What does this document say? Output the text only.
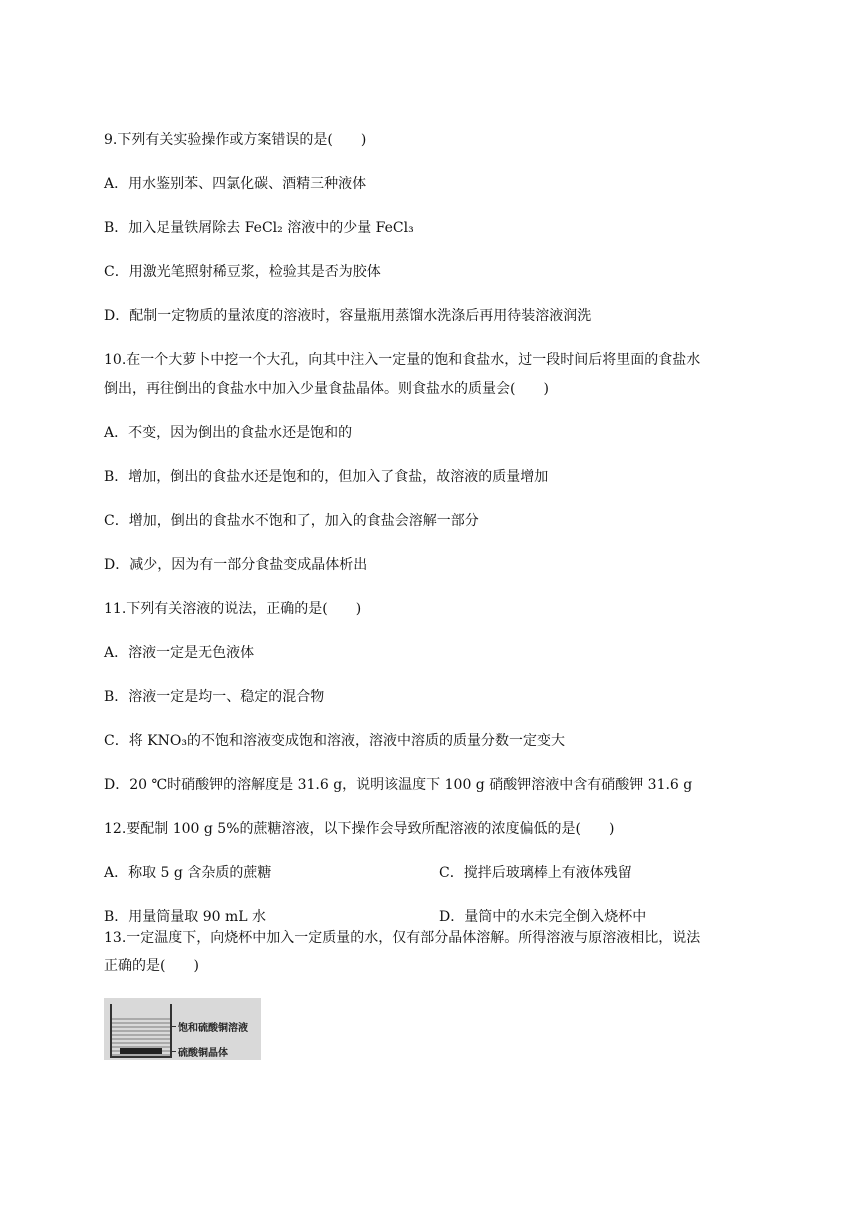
9.下列有关实验操作或方案错误的是(　　)
A．用水鉴别苯、四氯化碳、酒精三种液体
B．加入足量铁屑除去 FeCl₂ 溶液中的少量 FeCl₃
C．用激光笔照射稀豆浆，检验其是否为胶体
D．配制一定物质的量浓度的溶液时，容量瓶用蒸馏水洗涤后再用待装溶液润洗
10.在一个大萝卜中挖一个大孔，向其中注入一定量的饱和食盐水，过一段时间后将里面的食盐水
倒出，再往倒出的食盐水中加入少量食盐晶体。则食盐水的质量会(　　)
A．不变，因为倒出的食盐水还是饱和的
B．增加，倒出的食盐水还是饱和的，但加入了食盐，故溶液的质量增加
C．增加，倒出的食盐水不饱和了，加入的食盐会溶解一部分
D．减少，因为有一部分食盐变成晶体析出
11.下列有关溶液的说法，正确的是(　　)
A．溶液一定是无色液体
B．溶液一定是均一、稳定的混合物
C．将 KNO₃的不饱和溶液变成饱和溶液，溶液中溶质的质量分数一定变大
D．20 ℃时硝酸钾的溶解度是 31.6 g，说明该温度下 100 g 硝酸钾溶液中含有硝酸钾 31.6 g
12.要配制 100 g 5%的蔗糖溶液，以下操作会导致所配溶液的浓度偏低的是(　　)
A．称取 5 g 含杂质的蔗糖	C．搅拌后玻璃棒上有液体残留
B．用量筒量取 90 mL 水	D．量筒中的水未完全倒入烧杯中
13.一定温度下，向烧杯中加入一定质量的水，仅有部分晶体溶解。所得溶液与原溶液相比，说法
正确的是(　　)
饱和硫酸铜溶液
硫酸铜晶体
